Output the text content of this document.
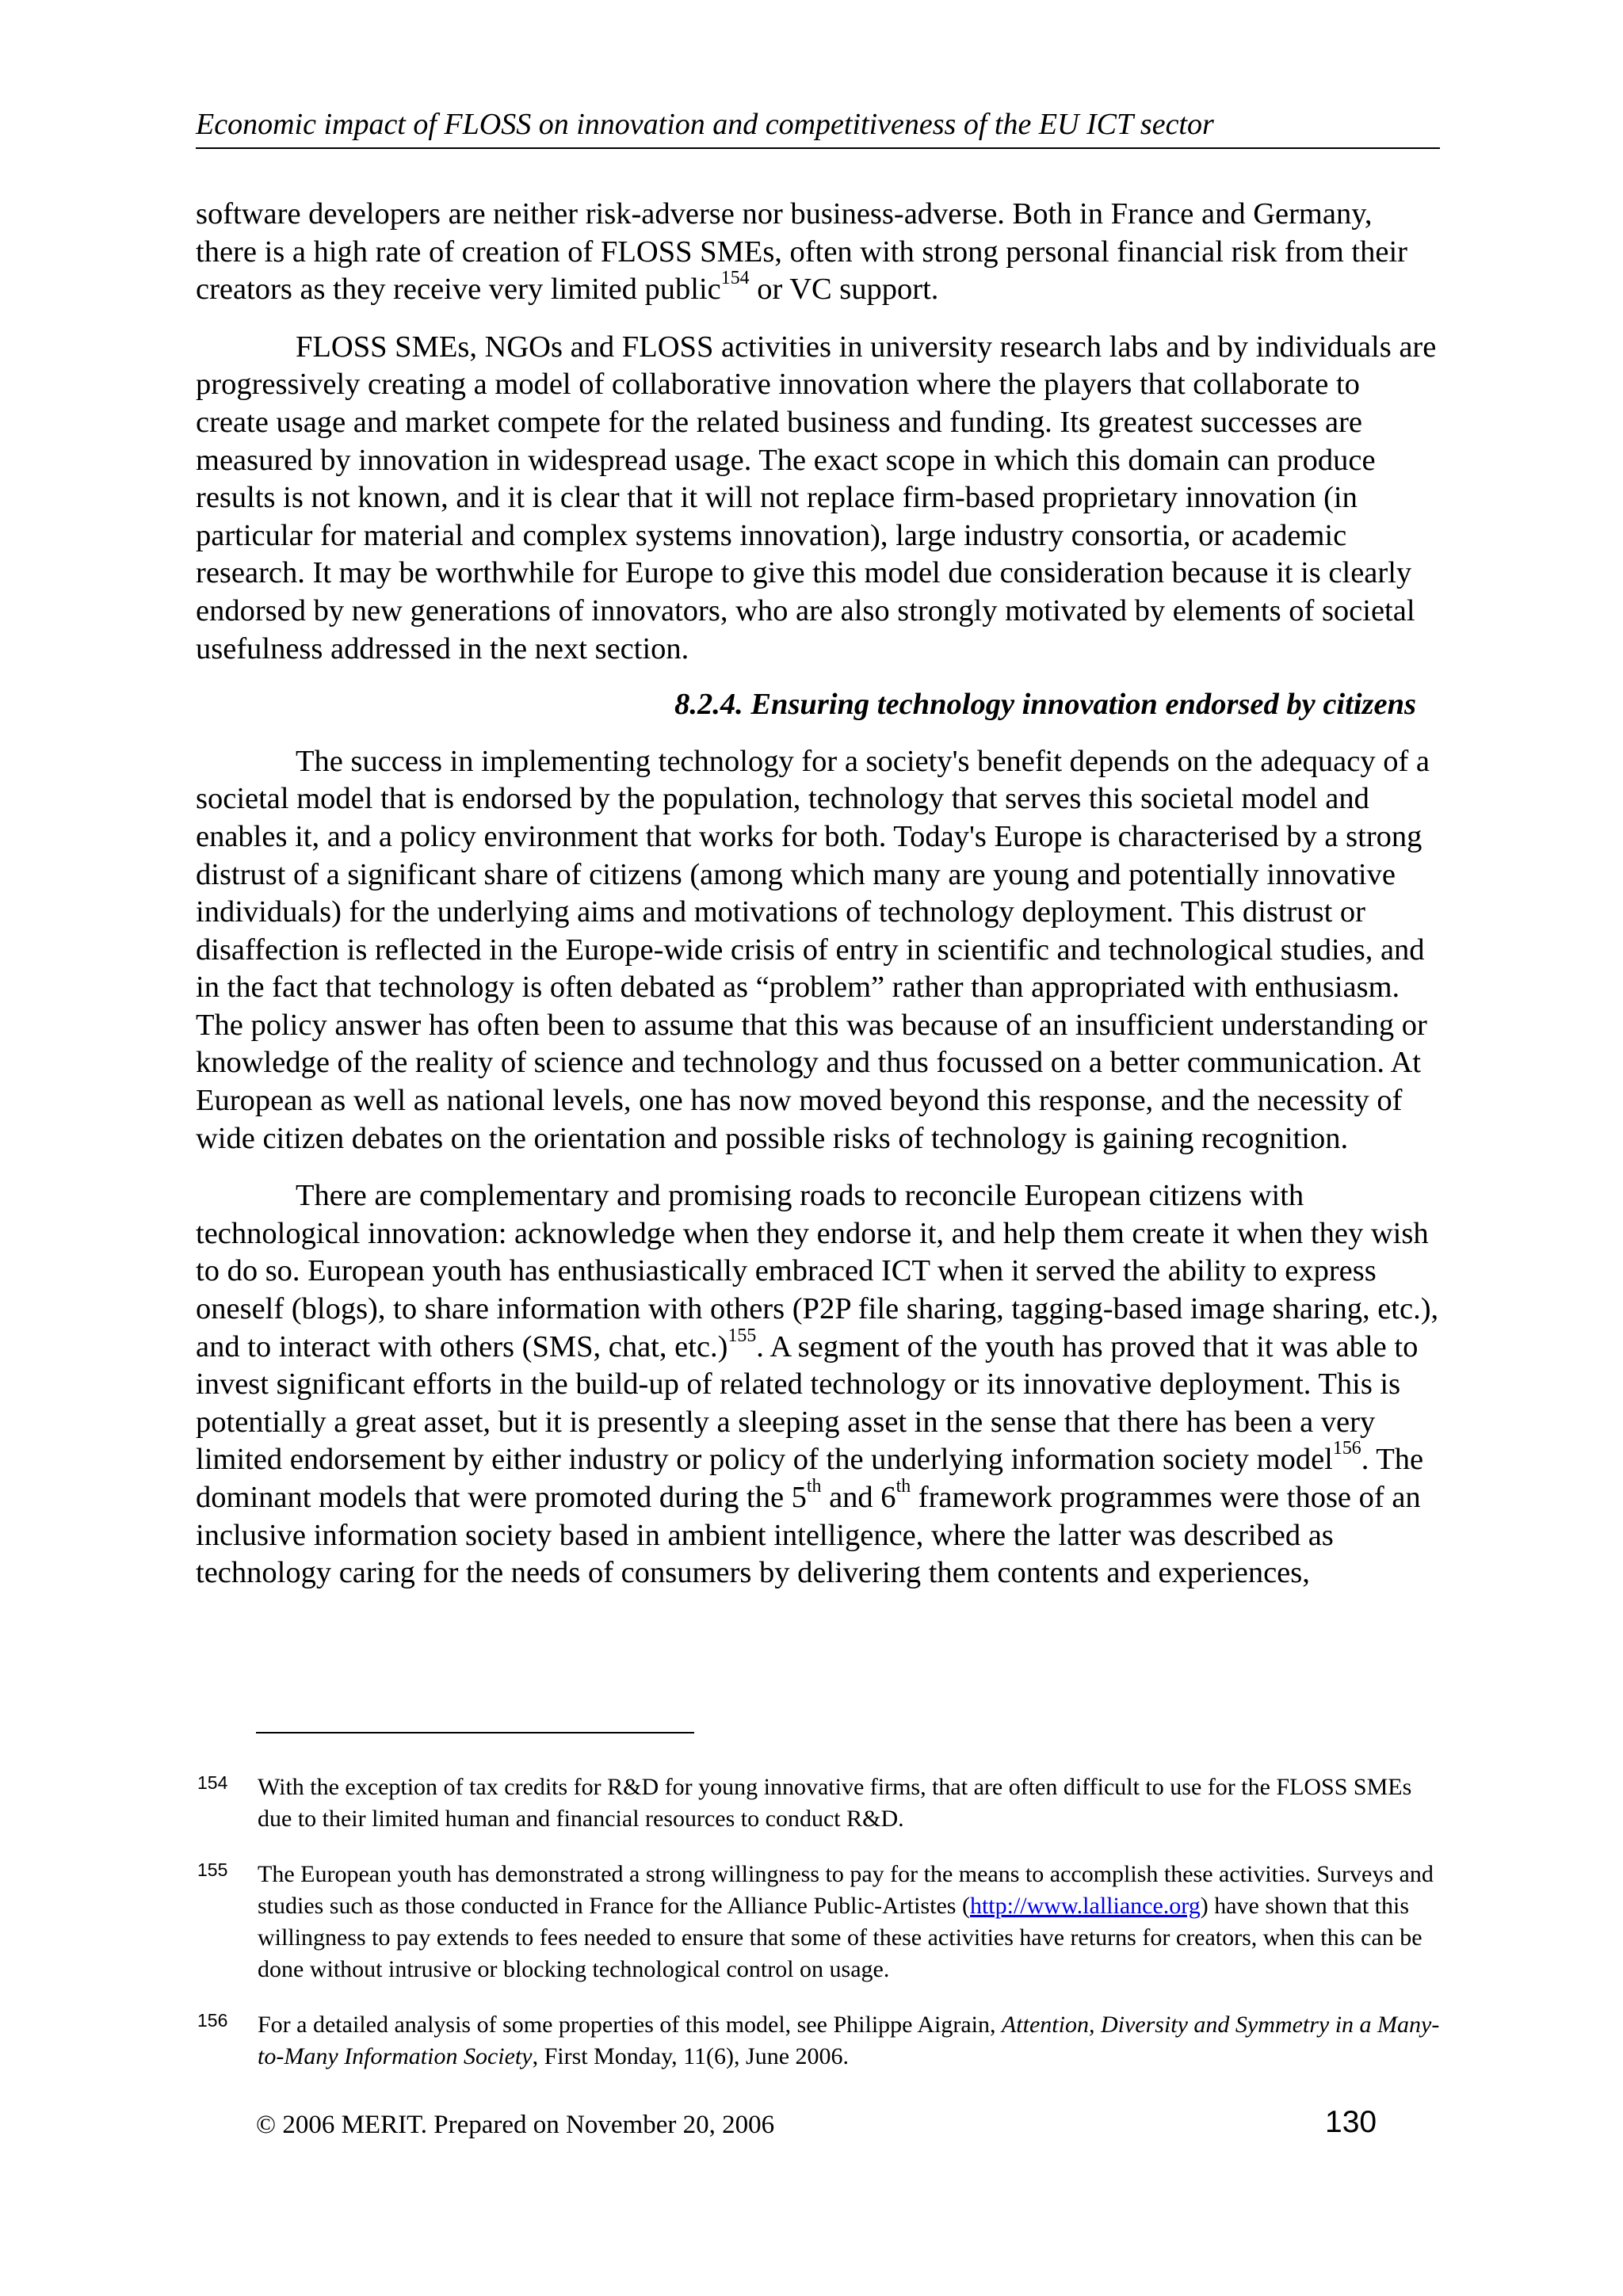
Economic impact of FLOSS on innovation and competitiveness of the EU ICT sector

software developers are neither risk-adverse nor business-adverse. Both in France and Germany, there is a high rate of creation of FLOSS SMEs, often with strong personal financial risk from their creators as they receive very limited public$^{154}$ or VC support.

FLOSS SMEs, NGOs and FLOSS activities in university research labs and by individuals are progressively creating a model of collaborative innovation where the players that collaborate to create usage and market compete for the related business and funding. Its greatest successes are measured by innovation in widespread usage. The exact scope in which this domain can produce results is not known, and it is clear that it will not replace firm-based proprietary innovation (in particular for material and complex systems innovation), large industry consortia, or academic research. It may be worthwhile for Europe to give this model due consideration because it is clearly endorsed by new generations of innovators, who are also strongly motivated by elements of societal usefulness addressed in the next section.

8.2.4. Ensuring technology innovation endorsed by citizens

The success in implementing technology for a society's benefit depends on the adequacy of a societal model that is endorsed by the population, technology that serves this societal model and enables it, and a policy environment that works for both. Today's Europe is characterised by a strong distrust of a significant share of citizens (among which many are young and potentially innovative individuals) for the underlying aims and motivations of technology deployment. This distrust or disaffection is reflected in the Europe-wide crisis of entry in scientific and technological studies, and in the fact that technology is often debated as “problem” rather than appropriated with enthusiasm. The policy answer has often been to assume that this was because of an insufficient understanding or knowledge of the reality of science and technology and thus focussed on a better communication. At European as well as national levels, one has now moved beyond this response, and the necessity of wide citizen debates on the orientation and possible risks of technology is gaining recognition.

There are complementary and promising roads to reconcile European citizens with technological innovation: acknowledge when they endorse it, and help them create it when they wish to do so. European youth has enthusiastically embraced ICT when it served the ability to express oneself (blogs), to share information with others (P2P file sharing, tagging-based image sharing, etc.), and to interact with others (SMS, chat, etc.)$^{155}$. A segment of the youth has proved that it was able to invest significant efforts in the build-up of related technology or its innovative deployment. This is potentially a great asset, but it is presently a sleeping asset in the sense that there has been a very limited endorsement by either industry or policy of the underlying information society model$^{156}$. The dominant models that were promoted during the 5th and 6th framework programmes were those of an inclusive information society based in ambient intelligence, where the latter was described as technology caring for the needs of consumers by delivering them contents and experiences,

154 With the exception of tax credits for R&D for young innovative firms, that are often difficult to use for the FLOSS SMEs due to their limited human and financial resources to conduct R&D.
155 The European youth has demonstrated a strong willingness to pay for the means to accomplish these activities. Surveys and studies such as those conducted in France for the Alliance Public-Artistes (http://www.lalliance.org) have shown that this willingness to pay extends to fees needed to ensure that some of these activities have returns for creators, when this can be done without intrusive or blocking technological control on usage.
156 For a detailed analysis of some properties of this model, see Philippe Aigrain, Attention, Diversity and Symmetry in a Many-to-Many Information Society, First Monday, 11(6), June 2006.
© 2006 MERIT. Prepared on November 20, 2006	130
